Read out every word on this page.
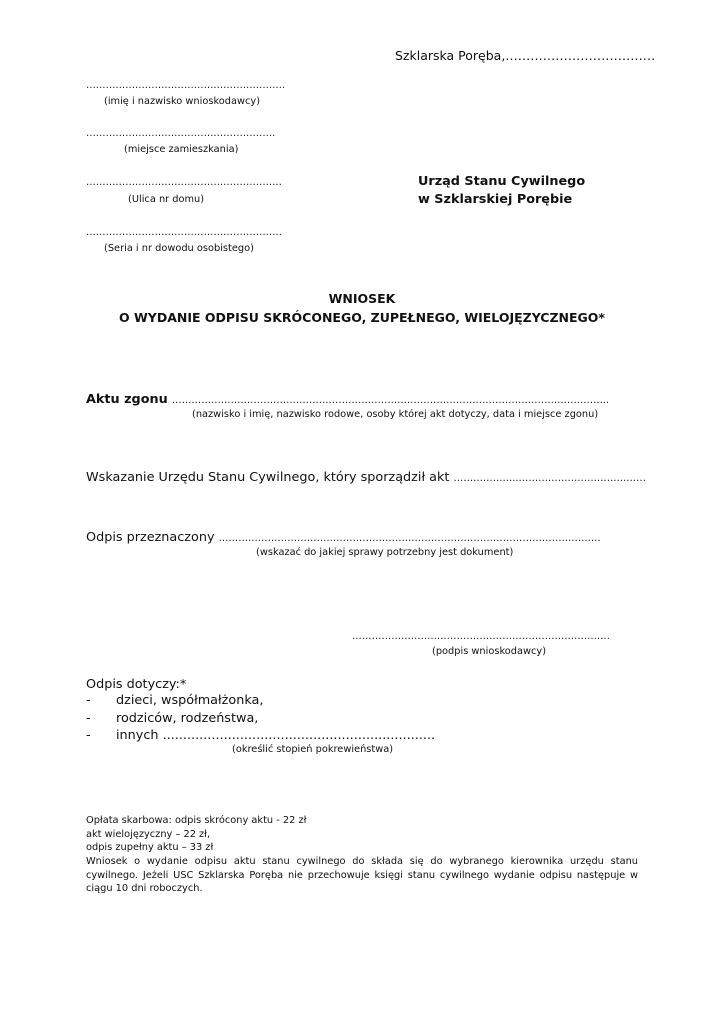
Szklarska Poręba,………………………………
…………………………………………………….
(imię i nazwisko wnioskodawcy)
………………………………………………….
(miejsce zamieszkania)
……………………………………………………
(Ulica nr domu)
……………………………………………………
(Seria i nr dowodu osobistego)
Urząd Stanu Cywilnego
w Szklarskiej Porębie
WNIOSEK
O WYDANIE ODPISU SKRÓCONEGO, ZUPEŁNEGO, WIELOJĘZYCZNEGO*
Aktu zgonu ……………………………………………………………………………………………………………………..
(nazwisko i imię, nazwisko rodowe, osoby której akt dotyczy, data i miejsce zgonu)
Wskazanie Urzędu Stanu Cywilnego, który sporządził akt ………………..…………………………………
Odpis przeznaczony ………………………………………………………………………………………………………
(wskazać do jakiej sprawy potrzebny jest dokument)
…………………………………………………………………….
(podpis wnioskodawcy)
Odpis dotyczy:*
- dzieci, współmałżonka,
- rodziców, rodzeństwa,
- innych ...................................................................
(określić stopień pokrewieństwa)
Opłata skarbowa: odpis skrócony aktu - 22 zł
akt wielojęzyczny – 22 zł,
odpis zupełny aktu – 33 zł
Wniosek o wydanie odpisu aktu stanu cywilnego do składa się do wybranego kierownika urzędu stanu cywilnego. Jeżeli USC Szklarska Poręba nie przechowuje księgi stanu cywilnego wydanie odpisu następuje w ciągu 10 dni roboczych.
